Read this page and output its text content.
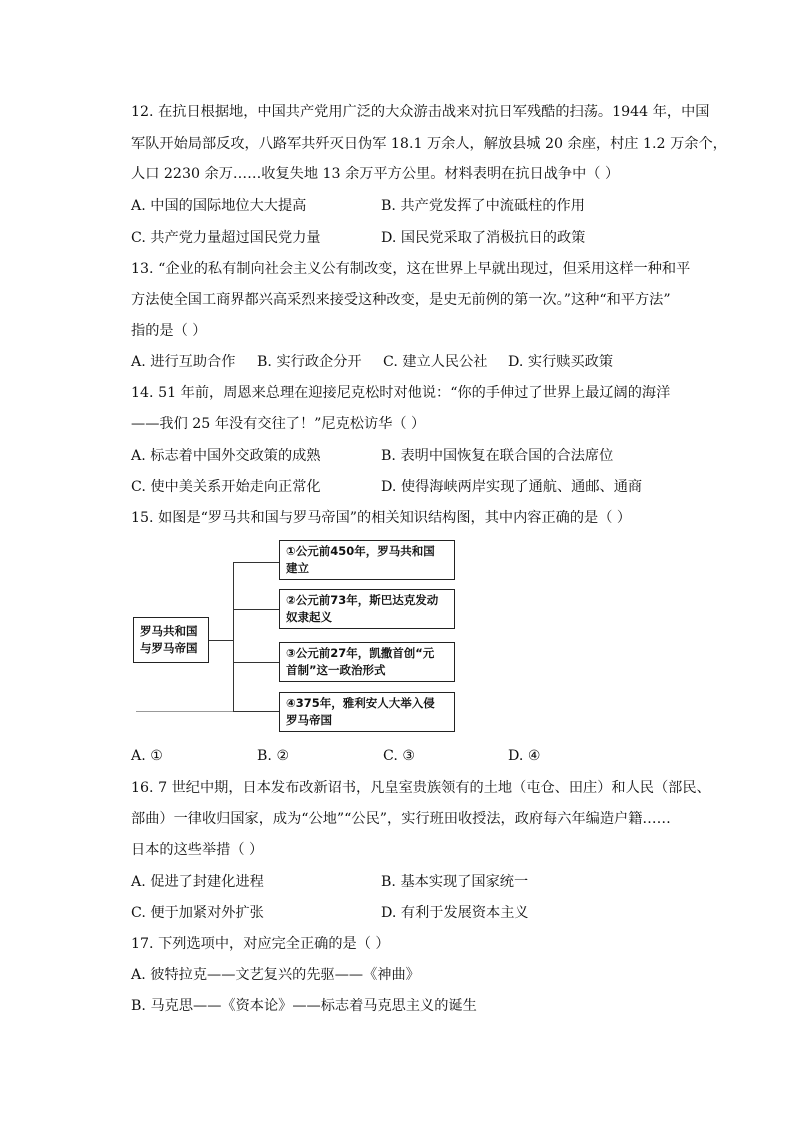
12. 在抗日根据地，中国共产党用广泛的大众游击战来对抗日军残酷的扫荡。1944 年，中国
军队开始局部反攻，八路军共歼灭日伪军 18.1 万余人，解放县城 20 余座，村庄 1.2 万余个，
人口 2230 余万……收复失地 13 余万平方公里。材料表明在抗日战争中（ ）
A. 中国的国际地位大大提高	B. 共产党发挥了中流砥柱的作用
C. 共产党力量超过国民党力量	D. 国民党采取了消极抗日的政策
13. “企业的私有制向社会主义公有制改变，这在世界上早就出现过，但采用这样一种和平
方法使全国工商界都兴高采烈来接受这种改变，是史无前例的第一次。”这种“和平方法”
指的是（ ）
A. 进行互助合作 B. 实行政企分开 C. 建立人民公社 D. 实行赎买政策
14. 51 年前，周恩来总理在迎接尼克松时对他说：“你的手伸过了世界上最辽阔的海洋
——我们 25 年没有交往了！”尼克松访华（ ）
A. 标志着中国外交政策的成熟	B. 表明中国恢复在联合国的合法席位
C. 使中美关系开始走向正常化	D. 使得海峡两岸实现了通航、通邮、通商
15. 如图是“罗马共和国与罗马帝国”的相关知识结构图，其中内容正确的是（ ）
罗马共和国
与罗马帝国
①公元前450年，罗马共和国
建立
②公元前73年，斯巴达克发动
奴隶起义
③公元前27年，凯撒首创“元
首制”这一政治形式
④375年，雅利安人大举入侵
罗马帝国
A. ①	B. ②	C. ③	D. ④
16. 7 世纪中期，日本发布改新诏书，凡皇室贵族领有的土地（屯仓、田庄）和人民（部民、
部曲）一律收归国家，成为“公地”“公民”，实行班田收授法，政府每六年编造户籍……
日本的这些举措（ ）
A. 促进了封建化进程	B. 基本实现了国家统一
C. 便于加紧对外扩张	D. 有利于发展资本主义
17. 下列选项中，对应完全正确的是（ ）
A. 彼特拉克——文艺复兴的先驱——《神曲》
B. 马克思——《资本论》——标志着马克思主义的诞生
